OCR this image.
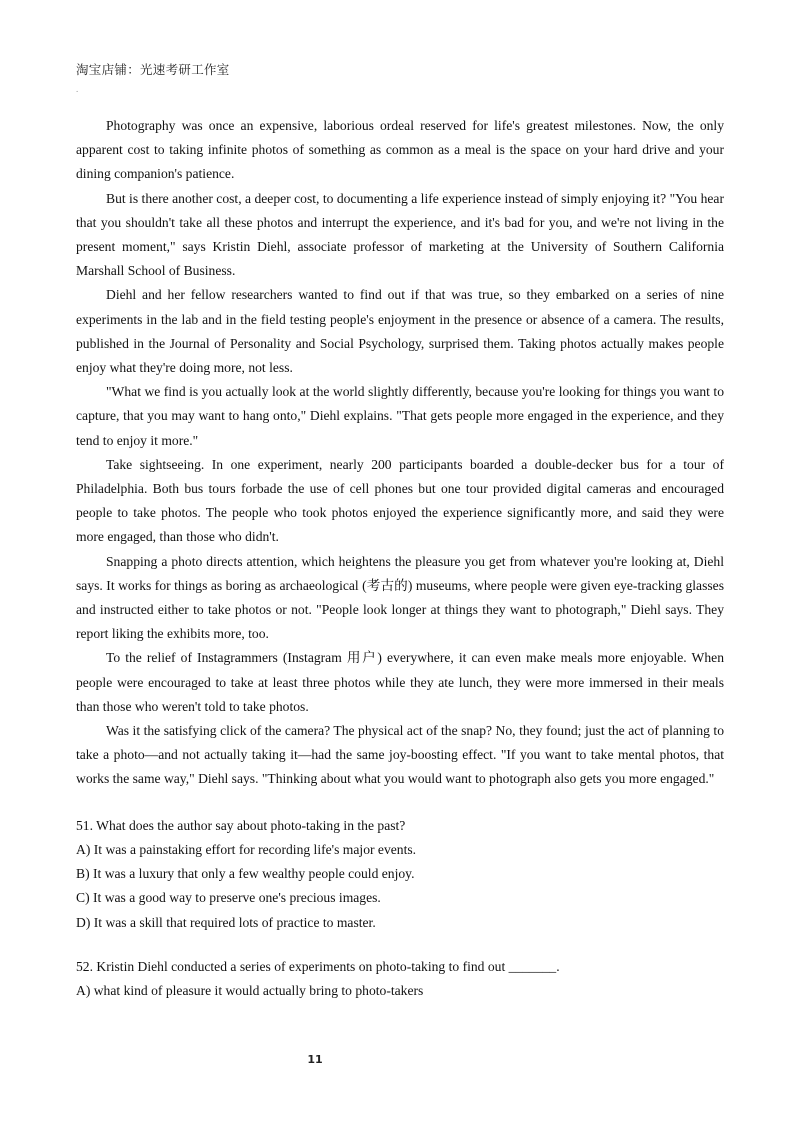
淘宝店铺：光速考研工作室
.

Photography was once an expensive, laborious ordeal reserved for life's greatest milestones. Now, the only apparent cost to taking infinite photos of something as common as a meal is the space on your hard drive and your dining companion's patience.

But is there another cost, a deeper cost, to documenting a life experience instead of simply enjoying it? "You hear that you shouldn't take all these photos and interrupt the experience, and it's bad for you, and we're not living in the present moment," says Kristin Diehl, associate professor of marketing at the University of Southern California Marshall School of Business.

Diehl and her fellow researchers wanted to find out if that was true, so they embarked on a series of nine experiments in the lab and in the field testing people's enjoyment in the presence or absence of a camera. The results, published in the Journal of Personality and Social Psychology, surprised them. Taking photos actually makes people enjoy what they're doing more, not less.

"What we find is you actually look at the world slightly differently, because you're looking for things you want to capture, that you may want to hang onto," Diehl explains. "That gets people more engaged in the experience, and they tend to enjoy it more."

Take sightseeing. In one experiment, nearly 200 participants boarded a double-decker bus for a tour of Philadelphia. Both bus tours forbade the use of cell phones but one tour provided digital cameras and encouraged people to take photos. The people who took photos enjoyed the experience significantly more, and said they were more engaged, than those who didn't.

Snapping a photo directs attention, which heightens the pleasure you get from whatever you're looking at, Diehl says. It works for things as boring as archaeological (考古的) museums, where people were given eye-tracking glasses and instructed either to take photos or not. "People look longer at things they want to photograph," Diehl says. They report liking the exhibits more, too.

To the relief of Instagrammers (Instagram 用户) everywhere, it can even make meals more enjoyable. When people were encouraged to take at least three photos while they ate lunch, they were more immersed in their meals than those who weren't told to take photos.

Was it the satisfying click of the camera? The physical act of the snap? No, they found; just the act of planning to take a photo—and not actually taking it—had the same joy-boosting effect. "If you want to take mental photos, that works the same way," Diehl says. "Thinking about what you would want to photograph also gets you more engaged."

51. What does the author say about photo-taking in the past?

A) It was a painstaking effort for recording life's major events.

B) It was a luxury that only a few wealthy people could enjoy.

C) It was a good way to preserve one's precious images.

D) It was a skill that required lots of practice to master.

52. Kristin Diehl conducted a series of experiments on photo-taking to find out _______.

A) what kind of pleasure it would actually bring to photo-takers

11
